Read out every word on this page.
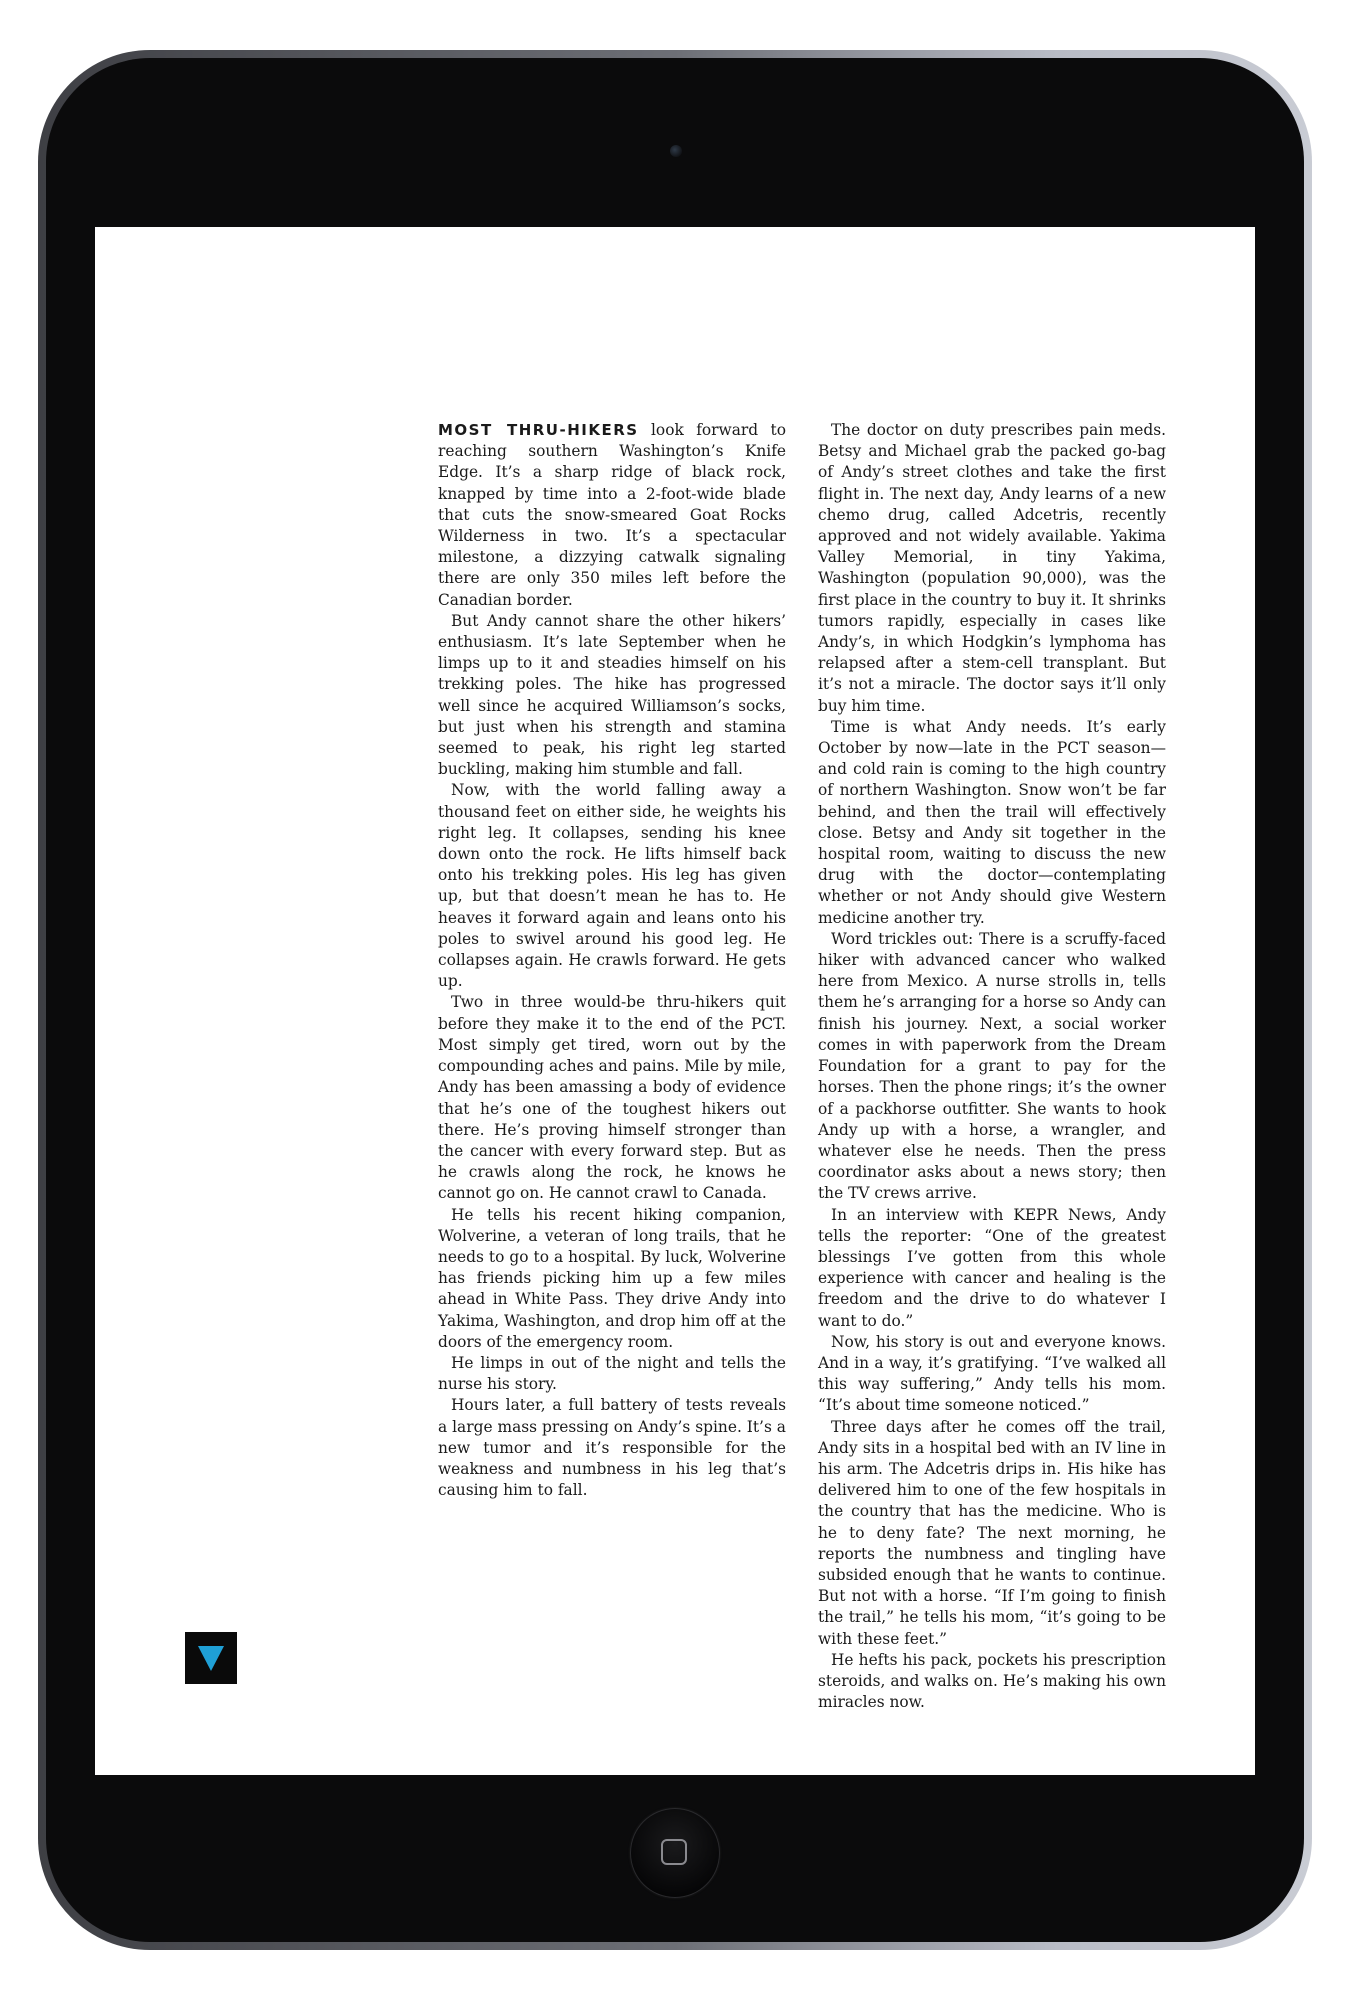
MOST THRU-HIKERS look forward to reaching southern Washington’s Knife Edge. It’s a sharp ridge of black rock, knapped by time into a 2-foot-wide blade that cuts the snow-smeared Goat Rocks Wilderness in two. It’s a spectacular milestone, a dizzying catwalk signaling there are only 350 miles left before the Canadian border.

But Andy cannot share the other hikers’ enthusiasm. It’s late September when he limps up to it and steadies himself on his trekking poles. The hike has progressed well since he acquired Williamson’s socks, but just when his strength and stamina seemed to peak, his right leg started buckling, making him stumble and fall.

Now, with the world falling away a thousand feet on either side, he weights his right leg. It collapses, sending his knee down onto the rock. He lifts himself back onto his trekking poles. His leg has given up, but that doesn’t mean he has to. He heaves it forward again and leans onto his poles to swivel around his good leg. He collapses again. He crawls forward. He gets up.

Two in three would-be thru-hikers quit before they make it to the end of the PCT. Most simply get tired, worn out by the compounding aches and pains. Mile by mile, Andy has been amassing a body of evidence that he’s one of the toughest hikers out there. He’s proving himself stronger than the cancer with every forward step. But as he crawls along the rock, he knows he cannot go on. He cannot crawl to Canada.

He tells his recent hiking companion, Wolverine, a veteran of long trails, that he needs to go to a hospital. By luck, Wolverine has friends picking him up a few miles ahead in White Pass. They drive Andy into Yakima, Washington, and drop him off at the doors of the emergency room.

He limps in out of the night and tells the nurse his story.

Hours later, a full battery of tests reveals a large mass pressing on Andy’s spine. It’s a new tumor and it’s responsible for the weakness and numbness in his leg that’s causing him to fall.

The doctor on duty prescribes pain meds. Betsy and Michael grab the packed go-bag of Andy’s street clothes and take the first flight in. The next day, Andy learns of a new chemo drug, called Adcetris, recently approved and not widely available. Yakima Valley Memorial, in tiny Yakima, Washington (population 90,000), was the first place in the country to buy it. It shrinks tumors rapidly, especially in cases like Andy’s, in which Hodgkin’s lymphoma has relapsed after a stem-cell transplant. But it’s not a miracle. The doctor says it’ll only buy him time.

Time is what Andy needs. It’s early October by now—late in the PCT season—and cold rain is coming to the high country of northern Washington. Snow won’t be far behind, and then the trail will effectively close. Betsy and Andy sit together in the hospital room, waiting to discuss the new drug with the doctor—contemplating whether or not Andy should give Western medicine another try.

Word trickles out: There is a scruffy-faced hiker with advanced cancer who walked here from Mexico. A nurse strolls in, tells them he’s arranging for a horse so Andy can finish his journey. Next, a social worker comes in with paperwork from the Dream Foundation for a grant to pay for the horses. Then the phone rings; it’s the owner of a packhorse outfitter. She wants to hook Andy up with a horse, a wrangler, and whatever else he needs. Then the press coordinator asks about a news story; then the TV crews arrive.

In an interview with KEPR News, Andy tells the reporter: “One of the greatest blessings I’ve gotten from this whole experience with cancer and healing is the freedom and the drive to do whatever I want to do.”

Now, his story is out and everyone knows. And in a way, it’s gratifying. “I’ve walked all this way suffering,” Andy tells his mom. “It’s about time someone noticed.”

Three days after he comes off the trail, Andy sits in a hospital bed with an IV line in his arm. The Adcetris drips in. His hike has delivered him to one of the few hospitals in the country that has the medicine. Who is he to deny fate? The next morning, he reports the numbness and tingling have subsided enough that he wants to continue. But not with a horse. “If I’m going to finish the trail,” he tells his mom, “it’s going to be with these feet.”

He hefts his pack, pockets his prescription steroids, and walks on. He’s making his own miracles now.
